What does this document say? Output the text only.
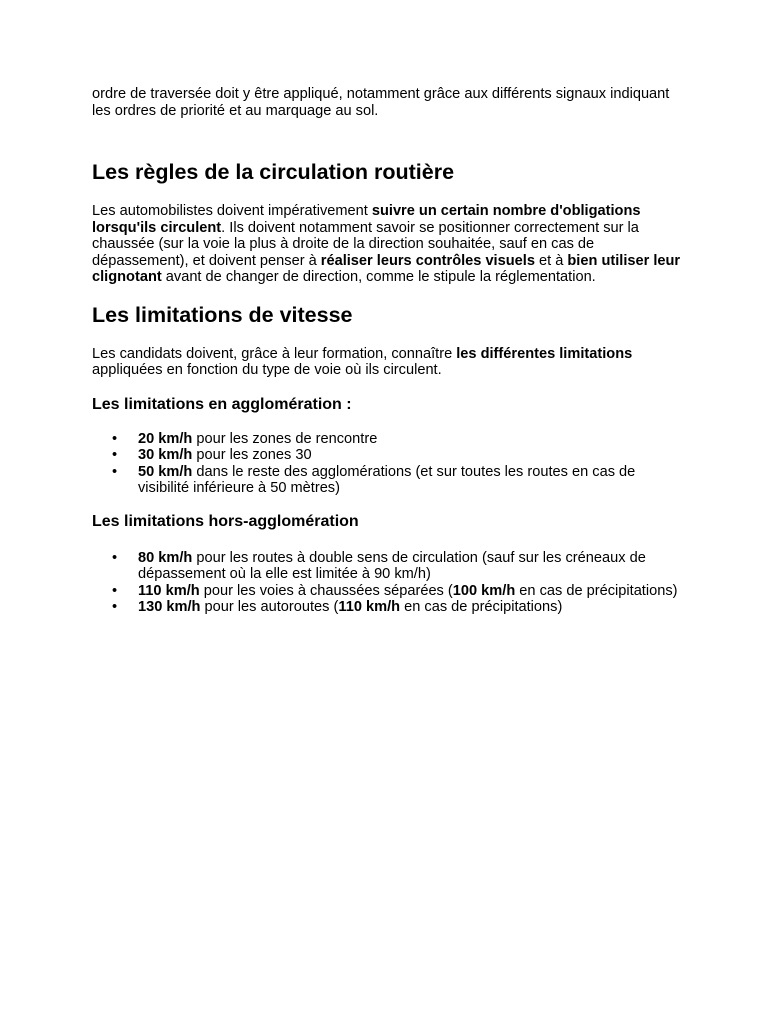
ordre de traversée doit y être appliqué, notamment grâce aux différents signaux indiquant les ordres de priorité et au marquage au sol.

Les règles de la circulation routière

Les automobilistes doivent impérativement suivre un certain nombre d'obligations lorsqu'ils circulent. Ils doivent notamment savoir se positionner correctement sur la chaussée (sur la voie la plus à droite de la direction souhaitée, sauf en cas de dépassement), et doivent penser à réaliser leurs contrôles visuels et à bien utiliser leur clignotant avant de changer de direction, comme le stipule la réglementation.

Les limitations de vitesse

Les candidats doivent, grâce à leur formation, connaître les différentes limitations appliquées en fonction du type de voie où ils circulent.

Les limitations en agglomération :
• 20 km/h pour les zones de rencontre
• 30 km/h pour les zones 30
• 50 km/h dans le reste des agglomérations (et sur toutes les routes en cas de visibilité inférieure à 50 mètres)
Les limitations hors-agglomération
• 80 km/h pour les routes à double sens de circulation (sauf sur les créneaux de dépassement où la elle est limitée à 90 km/h)
• 110 km/h pour les voies à chaussées séparées (100 km/h en cas de précipitations)
• 130 km/h pour les autoroutes (110 km/h en cas de précipitations)
